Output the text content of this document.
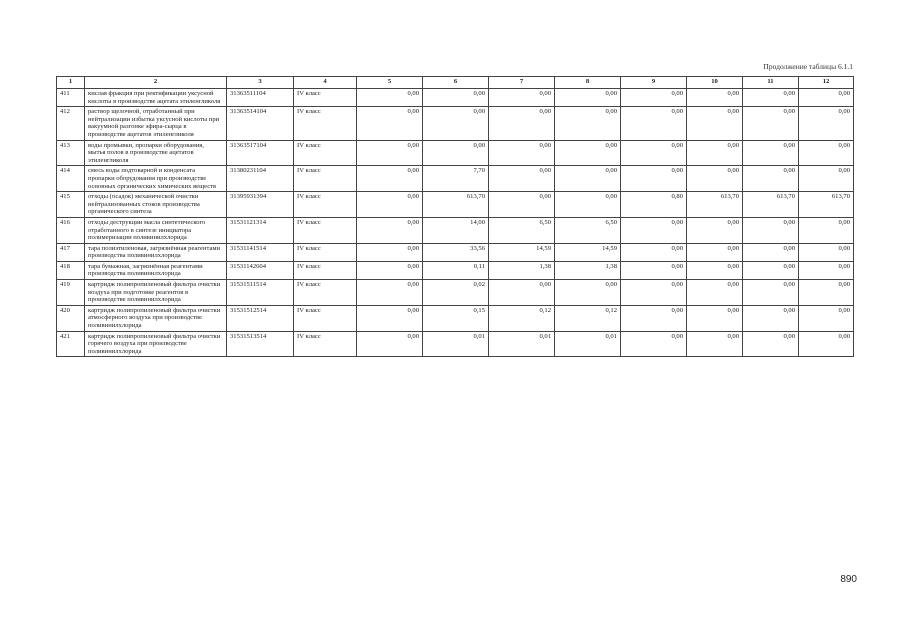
Продолжение таблицы 6.1.1
1	2	3	4	5	6	7	8	9	10	11	12
411	кислая фракция при ректификации уксусной кислоты в производстве ацетата этиленгликоля	31363511104	IV класс	0,00	0,00	0,00	0,00	0,00	0,00	0,00	0,00
412	раствор щелочной, отработанный при нейтрализации избытка уксусной кислоты при вакуумной разгонке эфира-сырца в производстве ацетатов этиленгликоля	31363514104	IV класс	0,00	0,00	0,00	0,00	0,00	0,00	0,00	0,00
413	воды промывки, пропарки оборудования, мытья полов в производстве ацетатов этиленгликоля	31363517104	IV класс	0,00	0,00	0,00	0,00	0,00	0,00	0,00	0,00
414	смесь воды подтоварной и конденсата пропарки оборудования при производстве основных органических химических веществ	31380231104	IV класс	0,00	7,70	0,00	0,00	0,00	0,00	0,00	0,00
415	отходы (осадок) механической очистки нейтрализованных стоков производства органического синтеза	31395931394	IV класс	0,00	613,70	0,00	0,00	0,80	613,70	613,70	613,70
416	отходы деструкции масла синтетического отработанного в синтезе инициатора полимеризации поливинилхлорида	31531121314	IV класс	0,00	14,00	6,50	6,50	0,00	0,00	0,00	0,00
417	тара полиэтиленовая, загрязнённая реагентами производства поливинилхлорида	31531141514	IV класс	0,00	33,56	14,59	14,59	0,00	0,00	0,00	0,00
418	тара бумажная, загрязнённая реагентами производства поливинилхлорида	31531142604	IV класс	0,00	0,11	1,38	1,38	0,00	0,00	0,00	0,00
419	картридж полипропиленовый фильтра очистки воздуха при подготовке реагентов в производстве поливинилхлорида	31531511514	IV класс	0,00	0,02	0,00	0,00	0,00	0,00	0,00	0,00
420	картридж полипропиленовый фильтра очистки атмосферного воздуха при производстве поливинилхлорида	31531512514	IV класс	0,00	0,15	0,12	0,12	0,00	0,00	0,00	0,00
421	картридж полипропиленовый фильтра очистки горячего воздуха при производстве поливинилхлорида	31531513514	IV класс	0,00	0,01	0,01	0,01	0,00	0,00	0,00	0,00
890
